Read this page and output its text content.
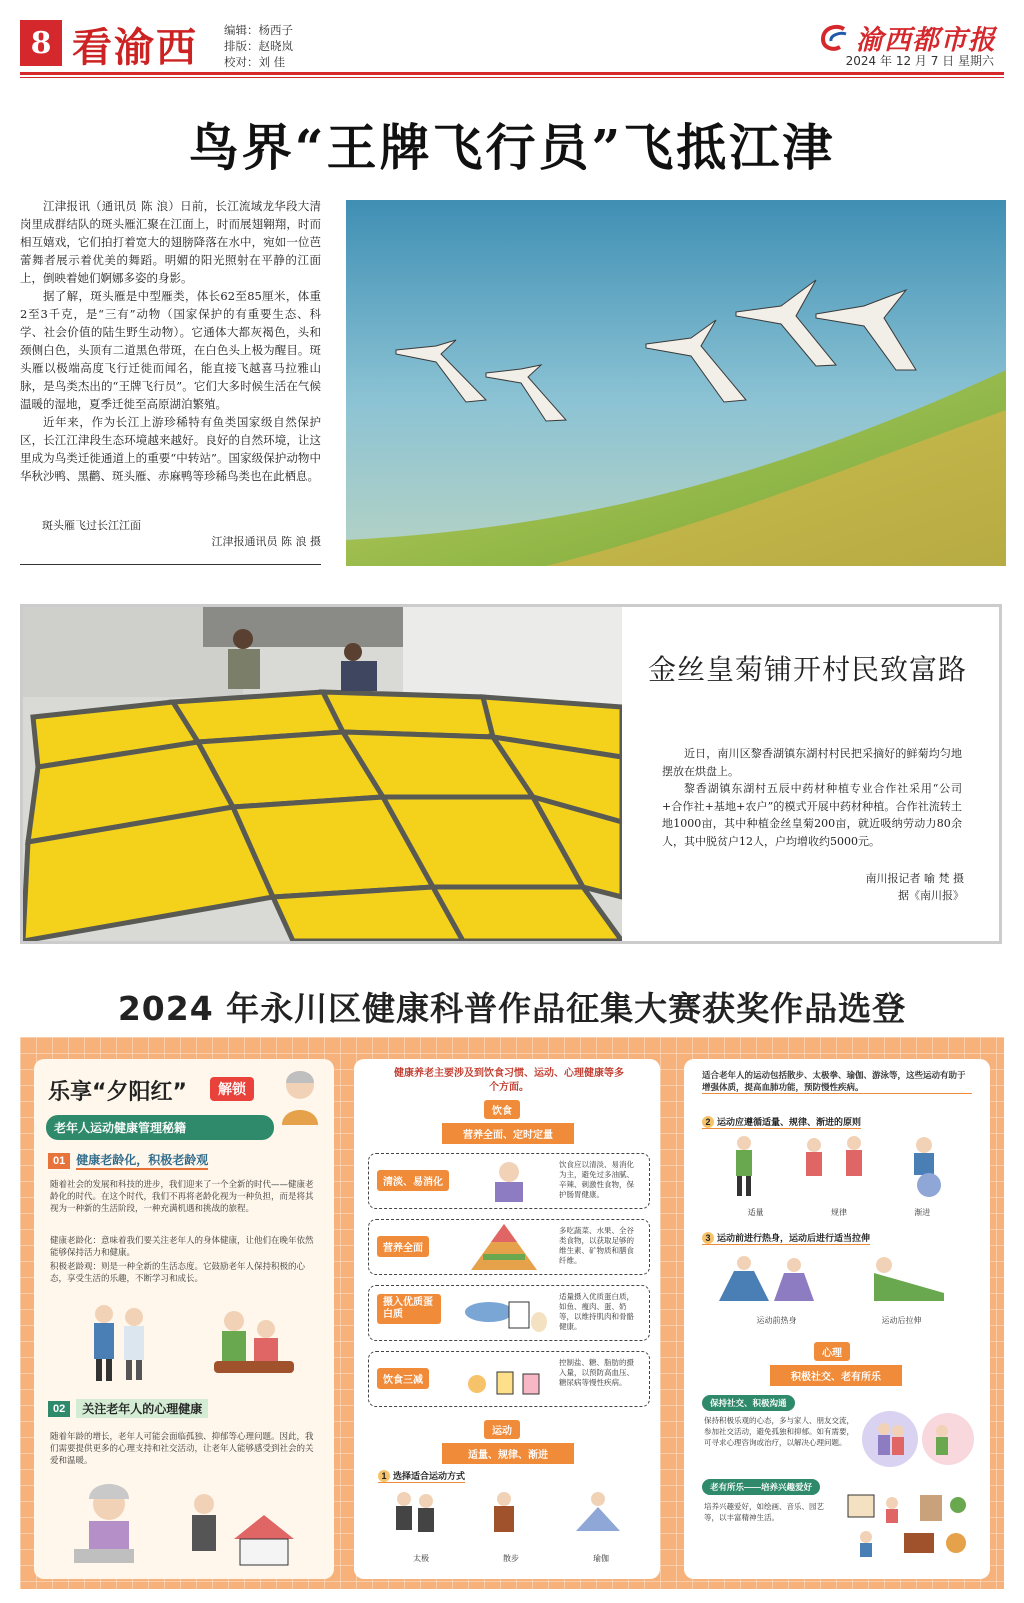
8 看渝西 编辑：杨西子
排版：赵晓岚
校对：刘 佳
渝西都市报
2024 年 12 月 7 日 星期六
鸟界“王牌飞行员”飞抵江津

江津报讯（通讯员 陈 浪）日前，长江流域龙华段大清岗里成群结队的斑头雁汇聚在江面上，时而展翅翱翔，时而相互嬉戏，它们拍打着宽大的翅膀降落在水中，宛如一位芭蕾舞者展示着优美的舞蹈。明媚的阳光照射在平静的江面上，倒映着她们婀娜多姿的身影。

据了解，斑头雁是中型雁类，体长62至85厘米，体重2至3千克，是“三有”动物（国家保护的有重要生态、科学、社会价值的陆生野生动物）。它通体大都灰褐色，头和颈侧白色，头顶有二道黑色带斑，在白色头上极为醒目。斑头雁以极端高度飞行迁徙而闻名，能直接飞越喜马拉雅山脉，是鸟类杰出的“王牌飞行员”。它们大多时候生活在气候温暖的湿地，夏季迁徙至高原湖泊繁殖。

近年来，作为长江上游珍稀特有鱼类国家级自然保护区，长江江津段生态环境越来越好。良好的自然环境，让这里成为鸟类迁徙通道上的重要“中转站”。国家级保护动物中华秋沙鸭、黑鹳、斑头雁、赤麻鸭等珍稀鸟类也在此栖息。

斑头雁飞过长江江面
江津报通讯员 陈 浪 摄
金丝皇菊铺开村民致富路

近日，南川区黎香湖镇东湖村村民把采摘好的鲜菊均匀地摆放在烘盘上。

黎香湖镇东湖村五辰中药材种植专业合作社采用“公司+合作社+基地+农户”的模式开展中药材种植。合作社流转土地1000亩，其中种植金丝皇菊200亩，就近吸纳劳动力80余人，其中脱贫户12人，户均增收约5000元。

南川报记者 喻 梵 摄
据《南川报》
2024 年永川区健康科普作品征集大赛获奖作品选登
乐享“夕阳红”	解锁
老年人运动健康管理秘籍
01 健康老龄化，积极老龄观
随着社会的发展和科技的进步，我们迎来了一个全新的时代——健康老龄化的时代。在这个时代，我们不再将老龄化视为一种负担，而是将其视为一种新的生活阶段，一种充满机遇和挑战的旅程。
健康老龄化：意味着我们要关注老年人的身体健康，让他们在晚年依然能够保持活力和健康。
积极老龄观：则是一种全新的生活态度。它鼓励老年人保持积极的心态，享受生活的乐趣，不断学习和成长。
02	关注老年人的心理健康
随着年龄的增长，老年人可能会面临孤独、抑郁等心理问题。因此，我们需要提供更多的心理支持和社交活动，让老年人能够感受到社会的关爱和温暖。
健康养老主要涉及到饮食习惯、运动、心理健康等多个方面。
饮食
营养全面、定时定量
清淡、易消化
饮食应以清淡、易消化为主，避免过多油腻、辛辣、刺激性食物，保护肠胃健康。
营养全面
多吃蔬菜、水果、全谷类食物，以获取足够的维生素、矿物质和膳食纤维。
摄入优质蛋白质
适量摄入优质蛋白质，如鱼、瘦肉、蛋、奶等，以维持肌肉和骨骼健康。
饮食三减
控制盐、糖、脂肪的摄入量，以预防高血压、糖尿病等慢性疾病。
运动
适量、规律、渐进
1 选择适合运动方式
太极	散步	瑜伽
适合老年人的运动包括散步、太极拳、瑜伽、游泳等，这些运动有助于增强体质，提高血肺功能，预防慢性疾病。
2 运动应遵循适量、规律、渐进的原则
适量	规律	渐进
3 运动前进行热身，运动后进行适当拉伸
运动前热身	运动后拉伸
心理
积极社交、老有所乐
保持社交、积极沟通
保持积极乐观的心态，多与家人、朋友交流，参加社交活动，避免孤独和抑郁。如有需要，可寻求心理咨询或治疗，以解决心理问题。
老有所乐——培养兴趣爱好
培养兴趣爱好，如绘画、音乐、园艺等，以丰富精神生活。
